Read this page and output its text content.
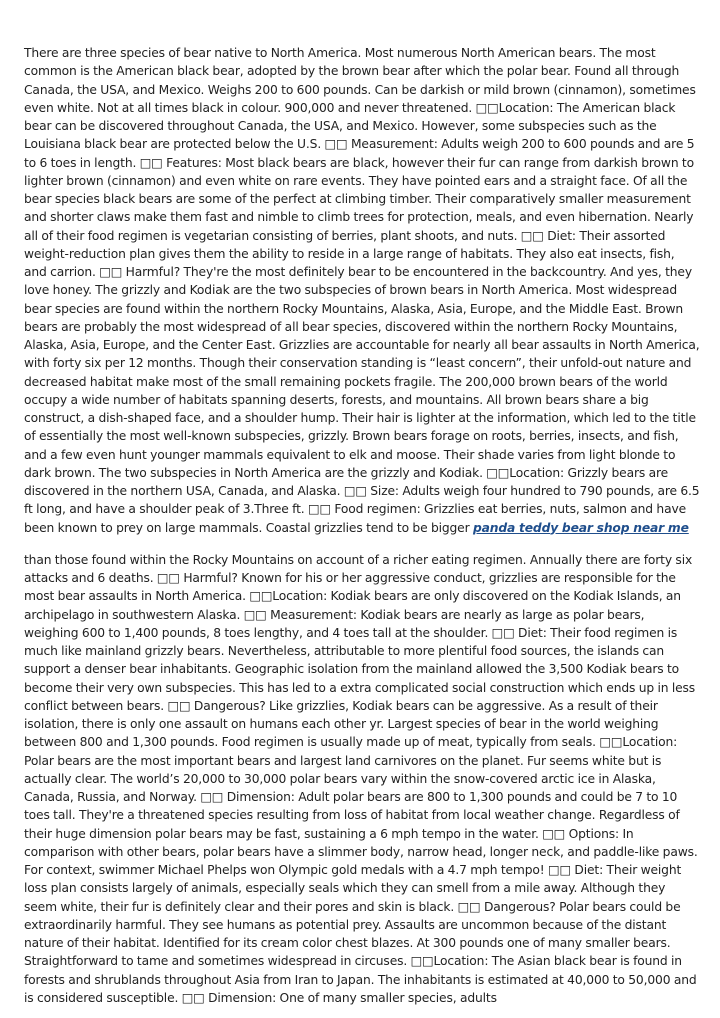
There are three species of bear native to North America. Most numerous North American bears. The most common is the American black bear, adopted by the brown bear after which the polar bear. Found all through Canada, the USA, and Mexico. Weighs 200 to 600 pounds. Can be darkish or mild brown (cinnamon), sometimes even white. Not at all times black in colour. 900,000 and never threatened. □□Location: The American black bear can be discovered throughout Canada, the USA, and Mexico. However, some subspecies such as the Louisiana black bear are protected below the U.S. □□ Measurement: Adults weigh 200 to 600 pounds and are 5 to 6 toes in length. □□ Features: Most black bears are black, however their fur can range from darkish brown to lighter brown (cinnamon) and even white on rare events. They have pointed ears and a straight face. Of all the bear species black bears are some of the perfect at climbing timber. Their comparatively smaller measurement and shorter claws make them fast and nimble to climb trees for protection, meals, and even hibernation. Nearly all of their food regimen is vegetarian consisting of berries, plant shoots, and nuts. □□ Diet: Their assorted weight-reduction plan gives them the ability to reside in a large range of habitats. They also eat insects, fish, and carrion. □□ Harmful? They're the most definitely bear to be encountered in the backcountry. And yes, they love honey. The grizzly and Kodiak are the two subspecies of brown bears in North America. Most widespread bear species are found within the northern Rocky Mountains, Alaska, Asia, Europe, and the Middle East. Brown bears are probably the most widespread of all bear species, discovered within the northern Rocky Mountains, Alaska, Asia, Europe, and the Center East. Grizzlies are accountable for nearly all bear assaults in North America, with forty six per 12 months. Though their conservation standing is “least concern”, their unfold-out nature and decreased habitat make most of the small remaining pockets fragile. The 200,000 brown bears of the world occupy a wide number of habitats spanning deserts, forests, and mountains. All brown bears share a big construct, a dish-shaped face, and a shoulder hump. Their hair is lighter at the information, which led to the title of essentially the most well-known subspecies, grizzly. Brown bears forage on roots, berries, insects, and fish, and a few even hunt younger mammals equivalent to elk and moose. Their shade varies from light blonde to dark brown. The two subspecies in North America are the grizzly and Kodiak. □□Location: Grizzly bears are discovered in the northern USA, Canada, and Alaska. □□ Size: Adults weigh four hundred to 790 pounds, are 6.5 ft long, and have a shoulder peak of 3.Three ft. □□ Food regimen: Grizzlies eat berries, nuts, salmon and have been known to prey on large mammals. Coastal grizzlies tend to be bigger panda teddy bear shop near me

than those found within the Rocky Mountains on account of a richer eating regimen. Annually there are forty six attacks and 6 deaths. □□ Harmful? Known for his or her aggressive conduct, grizzlies are responsible for the most bear assaults in North America. □□Location: Kodiak bears are only discovered on the Kodiak Islands, an archipelago in southwestern Alaska. □□ Measurement: Kodiak bears are nearly as large as polar bears, weighing 600 to 1,400 pounds, 8 toes lengthy, and 4 toes tall at the shoulder. □□ Diet: Their food regimen is much like mainland grizzly bears. Nevertheless, attributable to more plentiful food sources, the islands can support a denser bear inhabitants. Geographic isolation from the mainland allowed the 3,500 Kodiak bears to become their very own subspecies. This has led to a extra complicated social construction which ends up in less conflict between bears. □□ Dangerous? Like grizzlies, Kodiak bears can be aggressive. As a result of their isolation, there is only one assault on humans each other yr. Largest species of bear in the world weighing between 800 and 1,300 pounds. Food regimen is usually made up of meat, typically from seals. □□Location: Polar bears are the most important bears and largest land carnivores on the planet. Fur seems white but is actually clear. The world’s 20,000 to 30,000 polar bears vary within the snow-covered arctic ice in Alaska, Canada, Russia, and Norway. □□ Dimension: Adult polar bears are 800 to 1,300 pounds and could be 7 to 10 toes tall. They're a threatened species resulting from loss of habitat from local weather change. Regardless of their huge dimension polar bears may be fast, sustaining a 6 mph tempo in the water. □□ Options: In comparison with other bears, polar bears have a slimmer body, narrow head, longer neck, and paddle-like paws. For context, swimmer Michael Phelps won Olympic gold medals with a 4.7 mph tempo! □□ Diet: Their weight loss plan consists largely of animals, especially seals which they can smell from a mile away. Although they seem white, their fur is definitely clear and their pores and skin is black. □□ Dangerous? Polar bears could be extraordinarily harmful. They see humans as potential prey. Assaults are uncommon because of the distant nature of their habitat. Identified for its cream color chest blazes. At 300 pounds one of many smaller bears. Straightforward to tame and sometimes widespread in circuses. □□Location: The Asian black bear is found in forests and shrublands throughout Asia from Iran to Japan. The inhabitants is estimated at 40,000 to 50,000 and is considered susceptible. □□ Dimension: One of many smaller species, adults
